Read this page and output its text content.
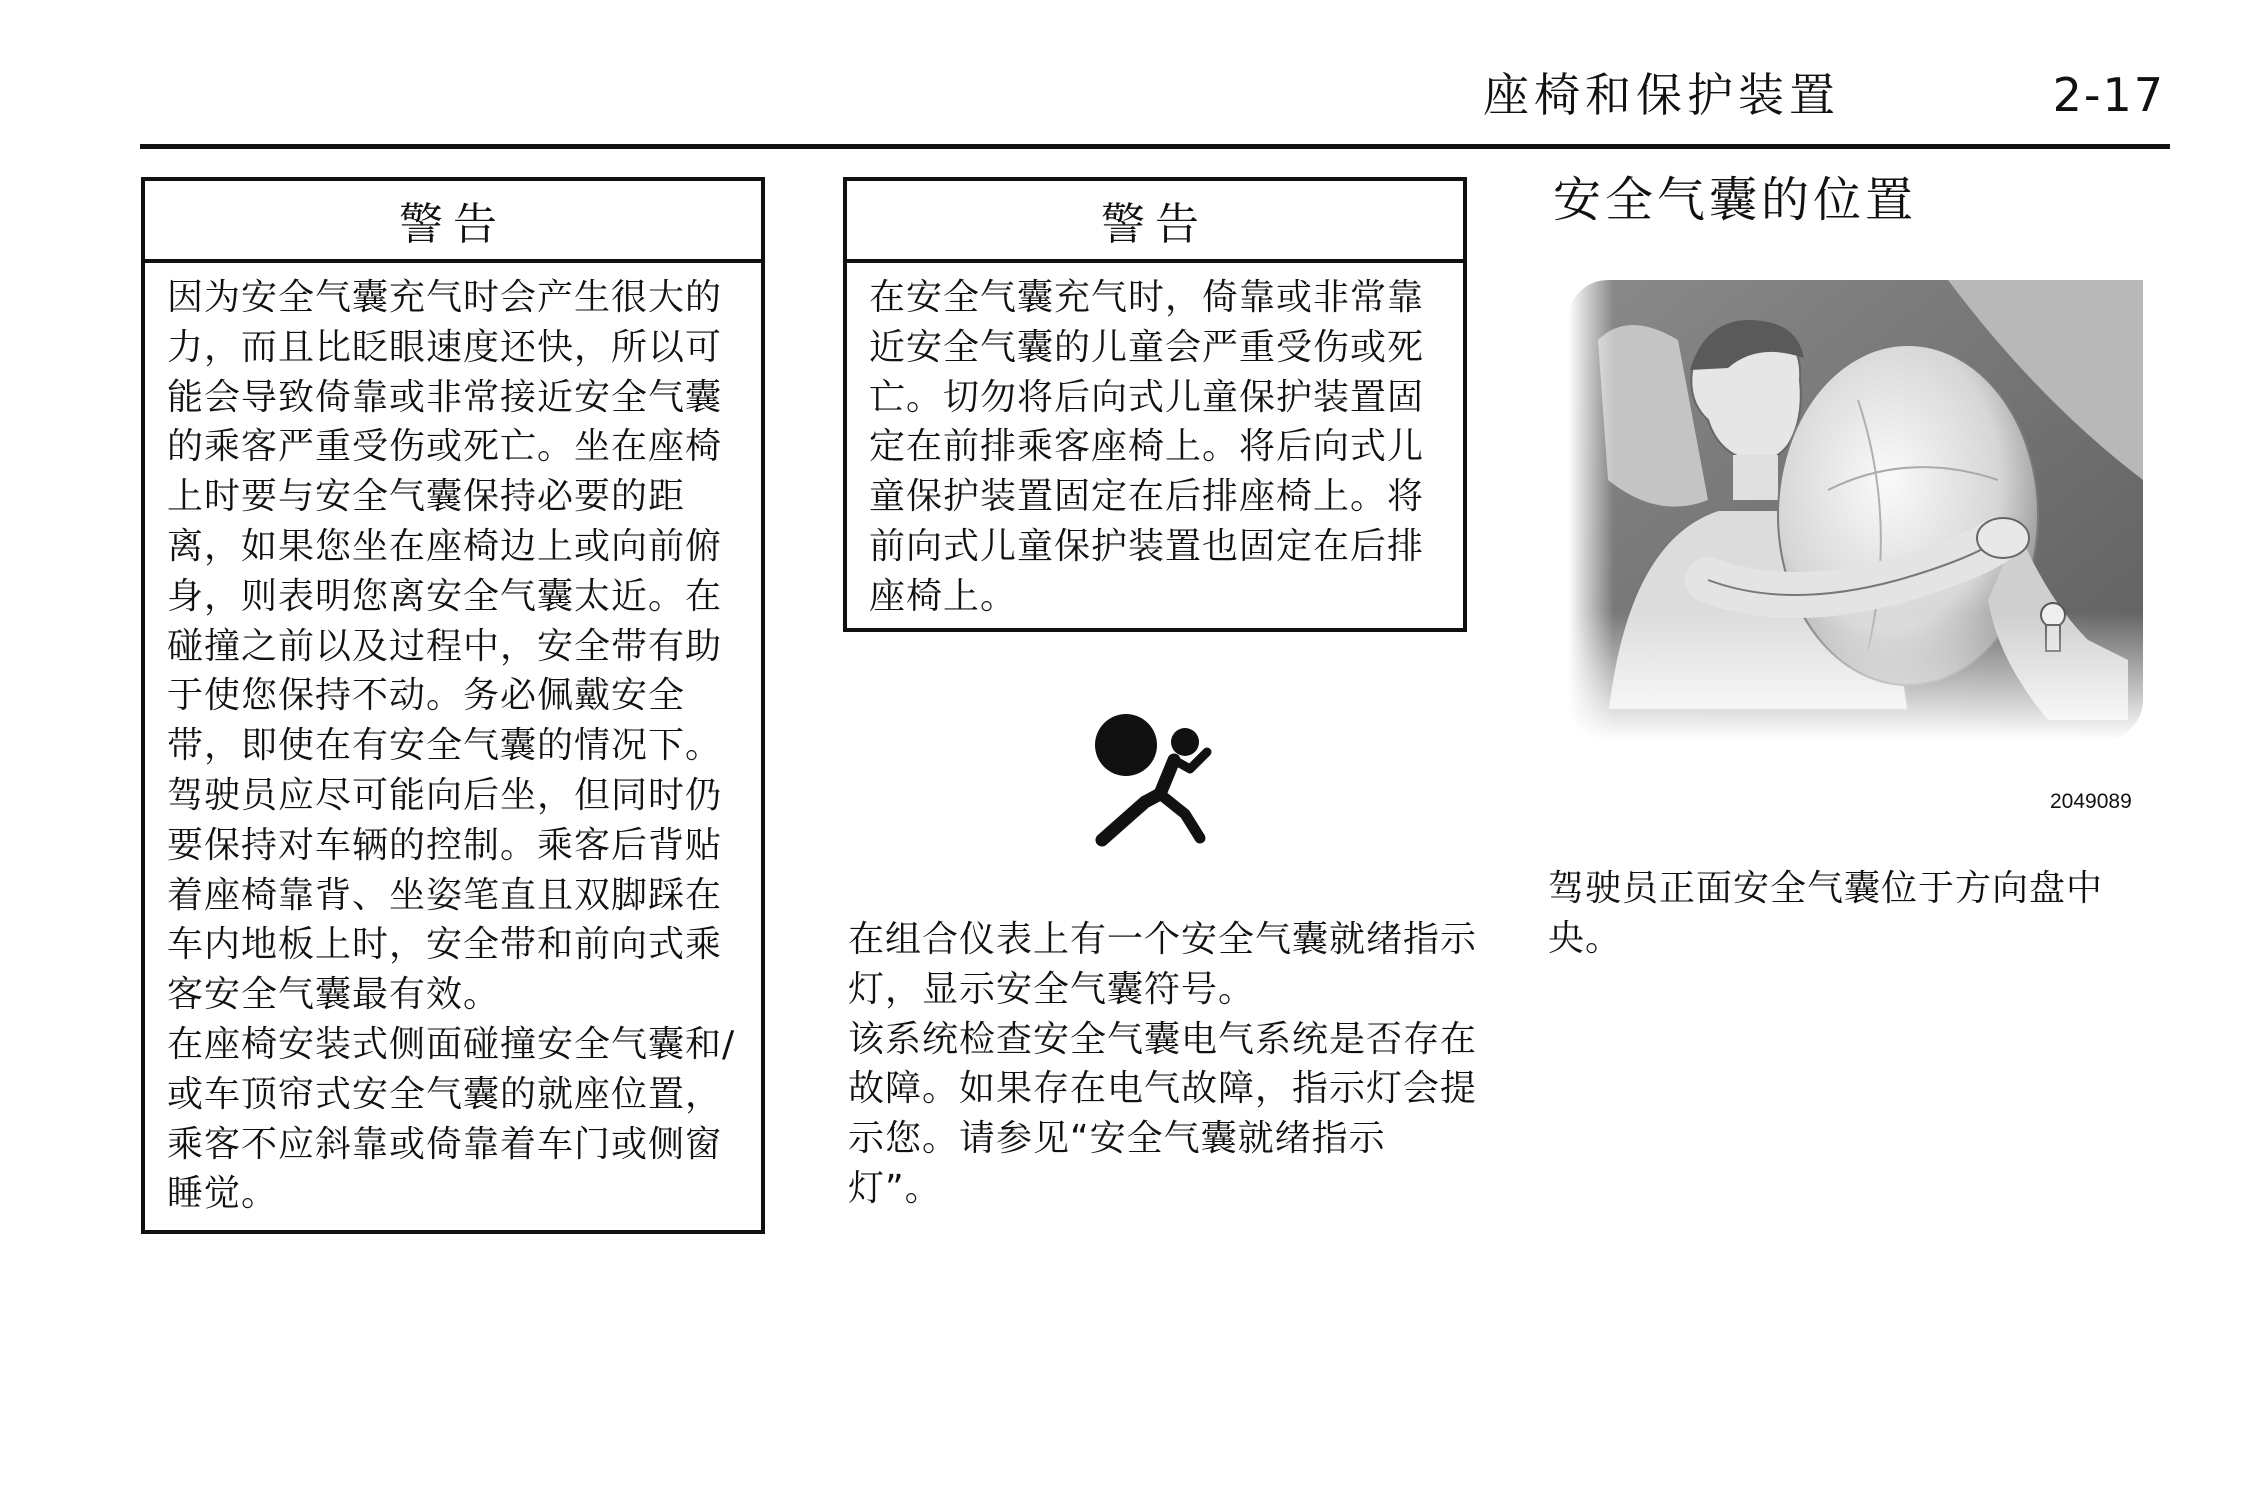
座椅和保护装置	2-17
警告

因为安全气囊充气时会产生很大的力，而且比眨眼速度还快，所以可能会导致倚靠或非常接近安全气囊的乘客严重受伤或死亡。坐在座椅上时要与安全气囊保持必要的距离，如果您坐在座椅边上或向前俯身，则表明您离安全气囊太近。在碰撞之前以及过程中，安全带有助于使您保持不动。务必佩戴安全带，即使在有安全气囊的情况下。驾驶员应尽可能向后坐，但同时仍要保持对车辆的控制。乘客后背贴着座椅靠背、坐姿笔直且双脚踩在车内地板上时，安全带和前向式乘客安全气囊最有效。

在座椅安装式侧面碰撞安全气囊和/或车顶帘式安全气囊的就座位置，乘客不应斜靠或倚靠着车门或侧窗睡觉。

警告

在安全气囊充气时，倚靠或非常靠近安全气囊的儿童会严重受伤或死亡。切勿将后向式儿童保护装置固定在前排乘客座椅上。将后向式儿童保护装置固定在后排座椅上。将前向式儿童保护装置也固定在后排座椅上。

在组合仪表上有一个安全气囊就绪指示灯，显示安全气囊符号。

该系统检查安全气囊电气系统是否存在故障。如果存在电气故障，指示灯会提示您。请参见“安全气囊就绪指示灯”。

安全气囊的位置
2049089

驾驶员正面安全气囊位于方向盘中央。
